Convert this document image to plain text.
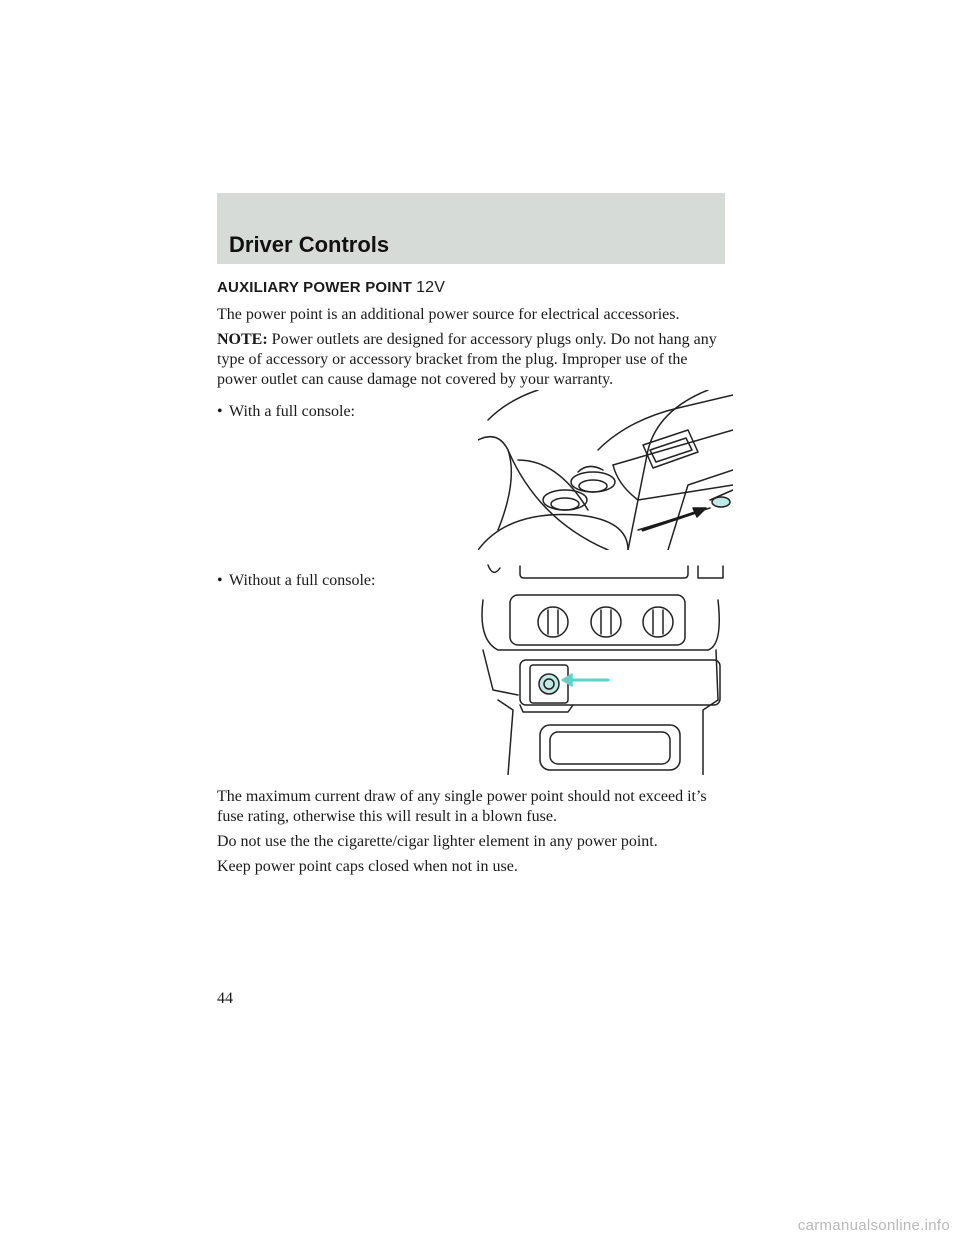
Driver Controls
AUXILIARY POWER POINT 12V
The power point is an additional power source for electrical accessories.
NOTE: Power outlets are designed for accessory plugs only. Do not hang any type of accessory or accessory bracket from the plug. Improper use of the power outlet can cause damage not covered by your warranty.
• With a full console:
• Without a full console:
The maximum current draw of any single power point should not exceed it’s fuse rating, otherwise this will result in a blown fuse.
Do not use the the cigarette/cigar lighter element in any power point.
Keep power point caps closed when not in use.
44
carmanualsonline.info
